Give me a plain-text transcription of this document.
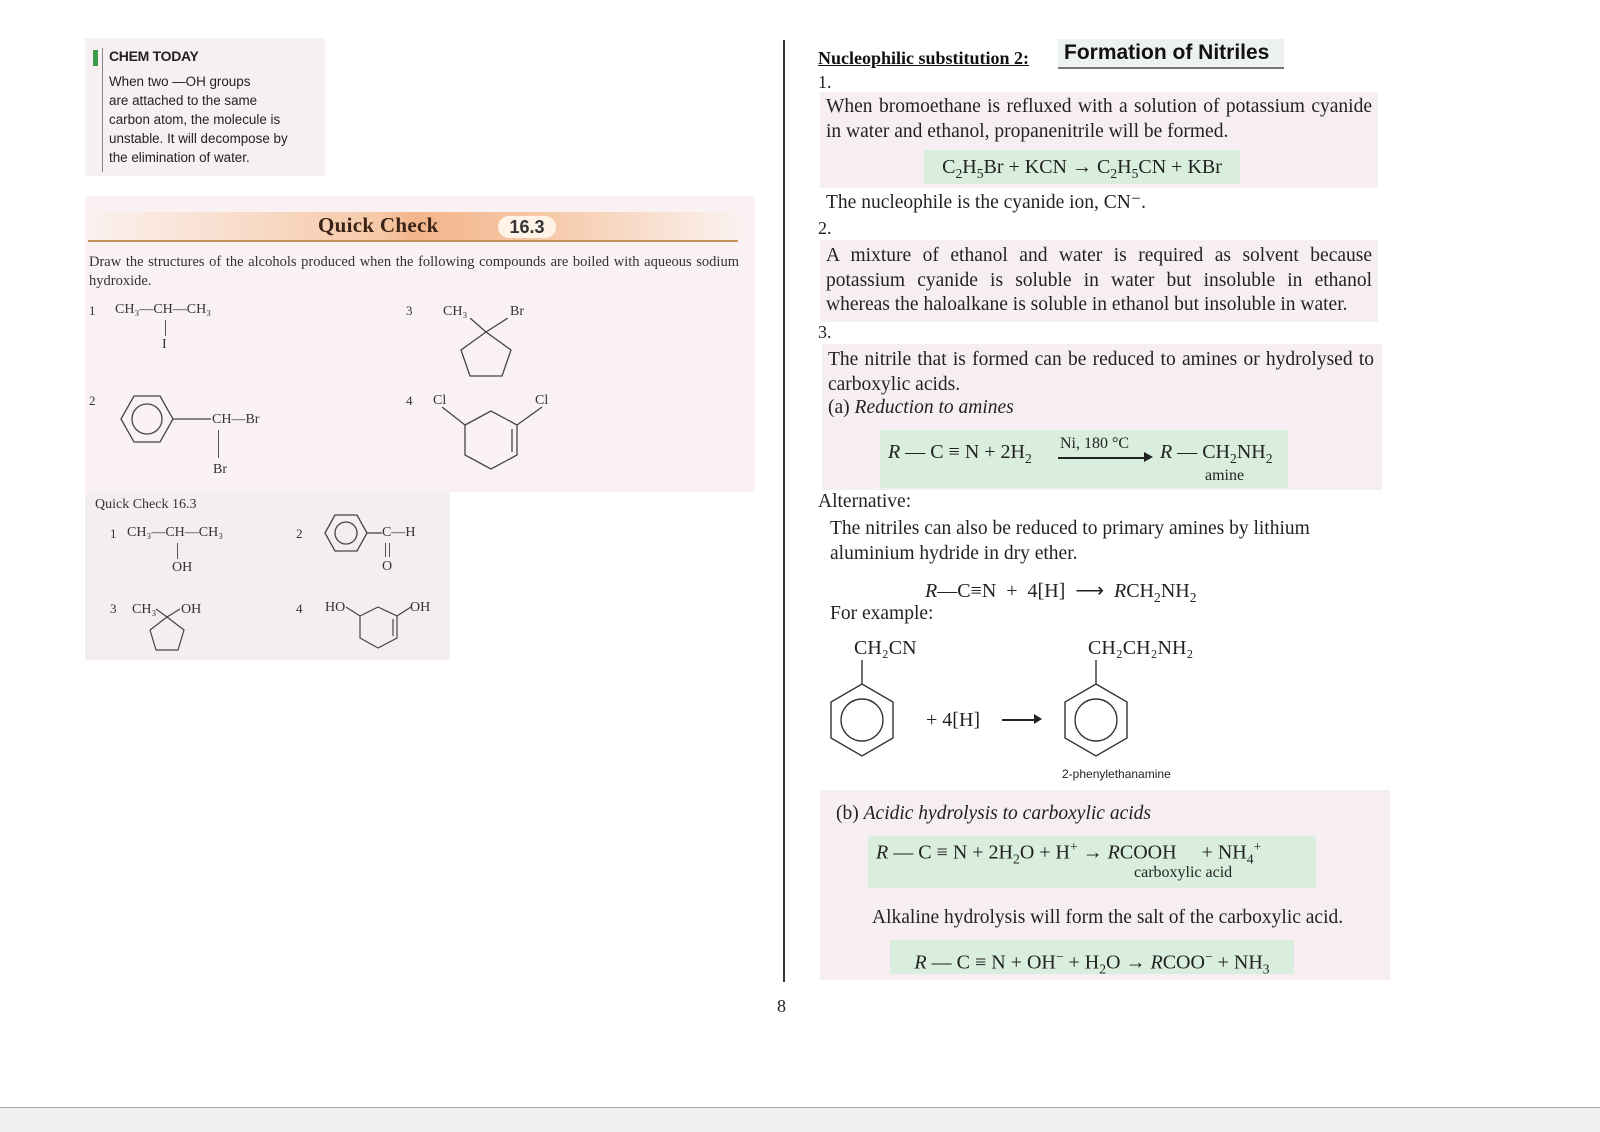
CHEM TODAY
When two —OH groups
are attached to the same
carbon atom, the molecule is
unstable. It will decompose by
the elimination of water.
Quick Check	16.3
Draw the structures of the alcohols produced when the following compounds are boiled with aqueous sodium hydroxide.
1 CH₃—CH—CH₃
I
3 CH₃	Br
2
CH—Br
Br
4 Cl	Cl
Quick Check 16.3
1 CH₃—CH—CH₃
OH
2	C—H
O
3 CH₃ OH	4 HO	OH
8
Nucleophilic substitution 2: Formation of Nitriles
1.
When bromoethane is refluxed with a solution of potassium cyanide in water and ethanol, propanenitrile will be formed.
$C_2H_5Br$ + KCN → $C_2H_5CN$ + KBr
The nucleophile is the cyanide ion, CN⁻.
2.
A mixture of ethanol and water is required as solvent because potassium cyanide is soluble in water but insoluble in ethanol whereas the haloalkane is soluble in ethanol but insoluble in water.
3.
The nitrile that is formed can be reduced to amines or hydrolysed to carboxylic acids.
(a) Reduction to amines
R — $C \equiv N + 2H_2$
Ni, 180 °C R — $CH_2NH_2$
amine
Alternative:
The nitriles can also be reduced to primary amines by lithium aluminium hydride in dry ether.
R—C≡N  +  4[H]  ⟶  $RCH_2NH_2$
For example:
CH₂CN	CH₂CH₂NH₂
+ 4[H]
2-phenylethanamine
(b) Acidic hydrolysis to carboxylic acids
R — $C \equiv N + 2H_2O + H^+$ → RCOOH     + $NH_4^+$
carboxylic acid
Alkaline hydrolysis will form the salt of the carboxylic acid.
R — $C \equiv N + OH^- + H_2O$ → RCOO− + $NH_3$
